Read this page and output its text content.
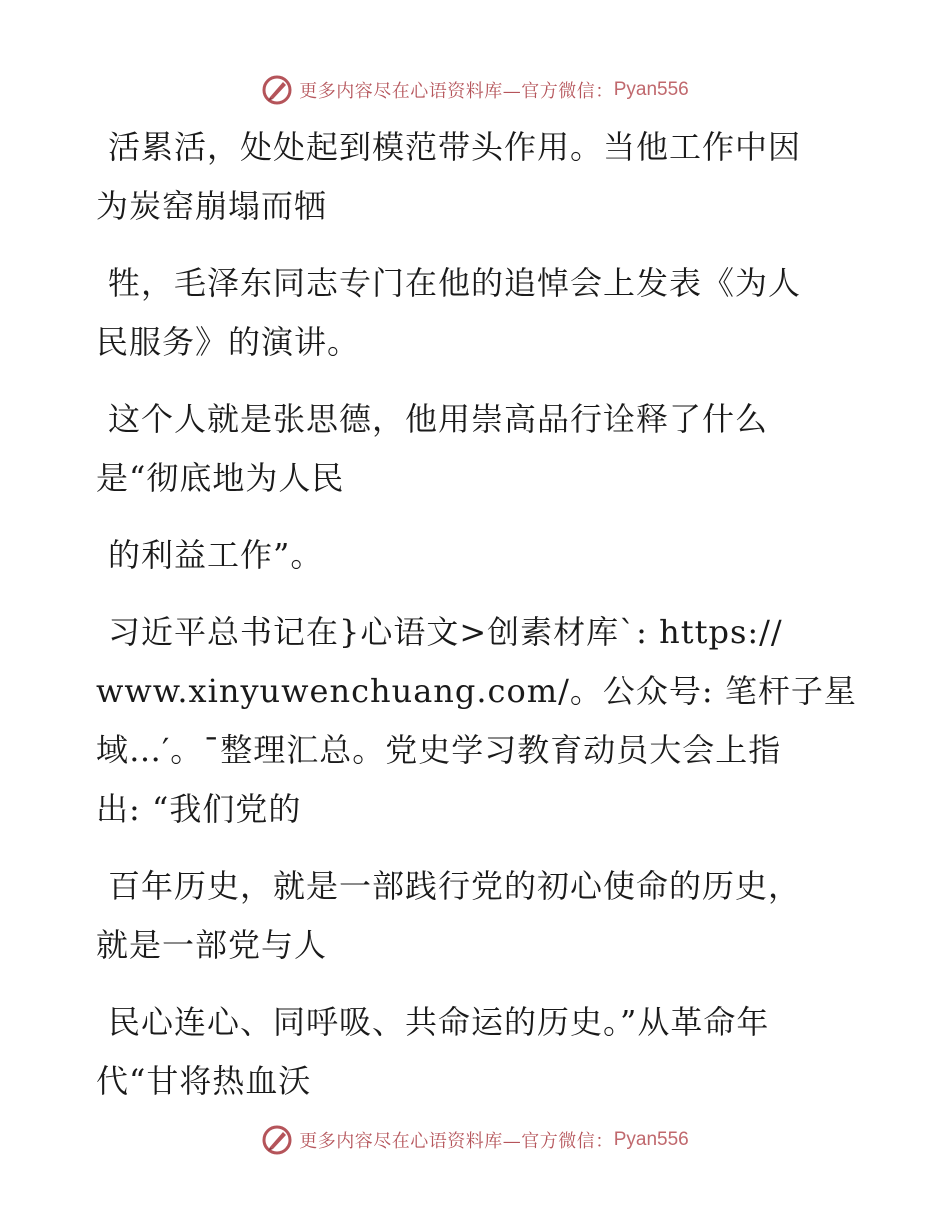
更多内容尽在心语资料库—官方微信： Pyan556

活累活，处处起到模范带头作用。当他工作中因
为炭窑崩塌而牺

牲，毛泽东同志专门在他的追悼会上发表《为人
民服务》的演讲。

这个人就是张思德，他用崇高品行诠释了什么
是“彻底地为人民

的利益工作”。

习近平总书记在}心语文>创素材库`: https://
www.xinyuwenchuang.com/。公众号: 笔杆子星
域…′。¯整理汇总。党史学习教育动员大会上指
出: “我们党的

百年历史，就是一部践行党的初心使命的历史，
就是一部党与人

民心连心、同呼吸、共命运的历史。”从革命年
代“甘将热血沃

更多内容尽在心语资料库—官方微信： Pyan556
